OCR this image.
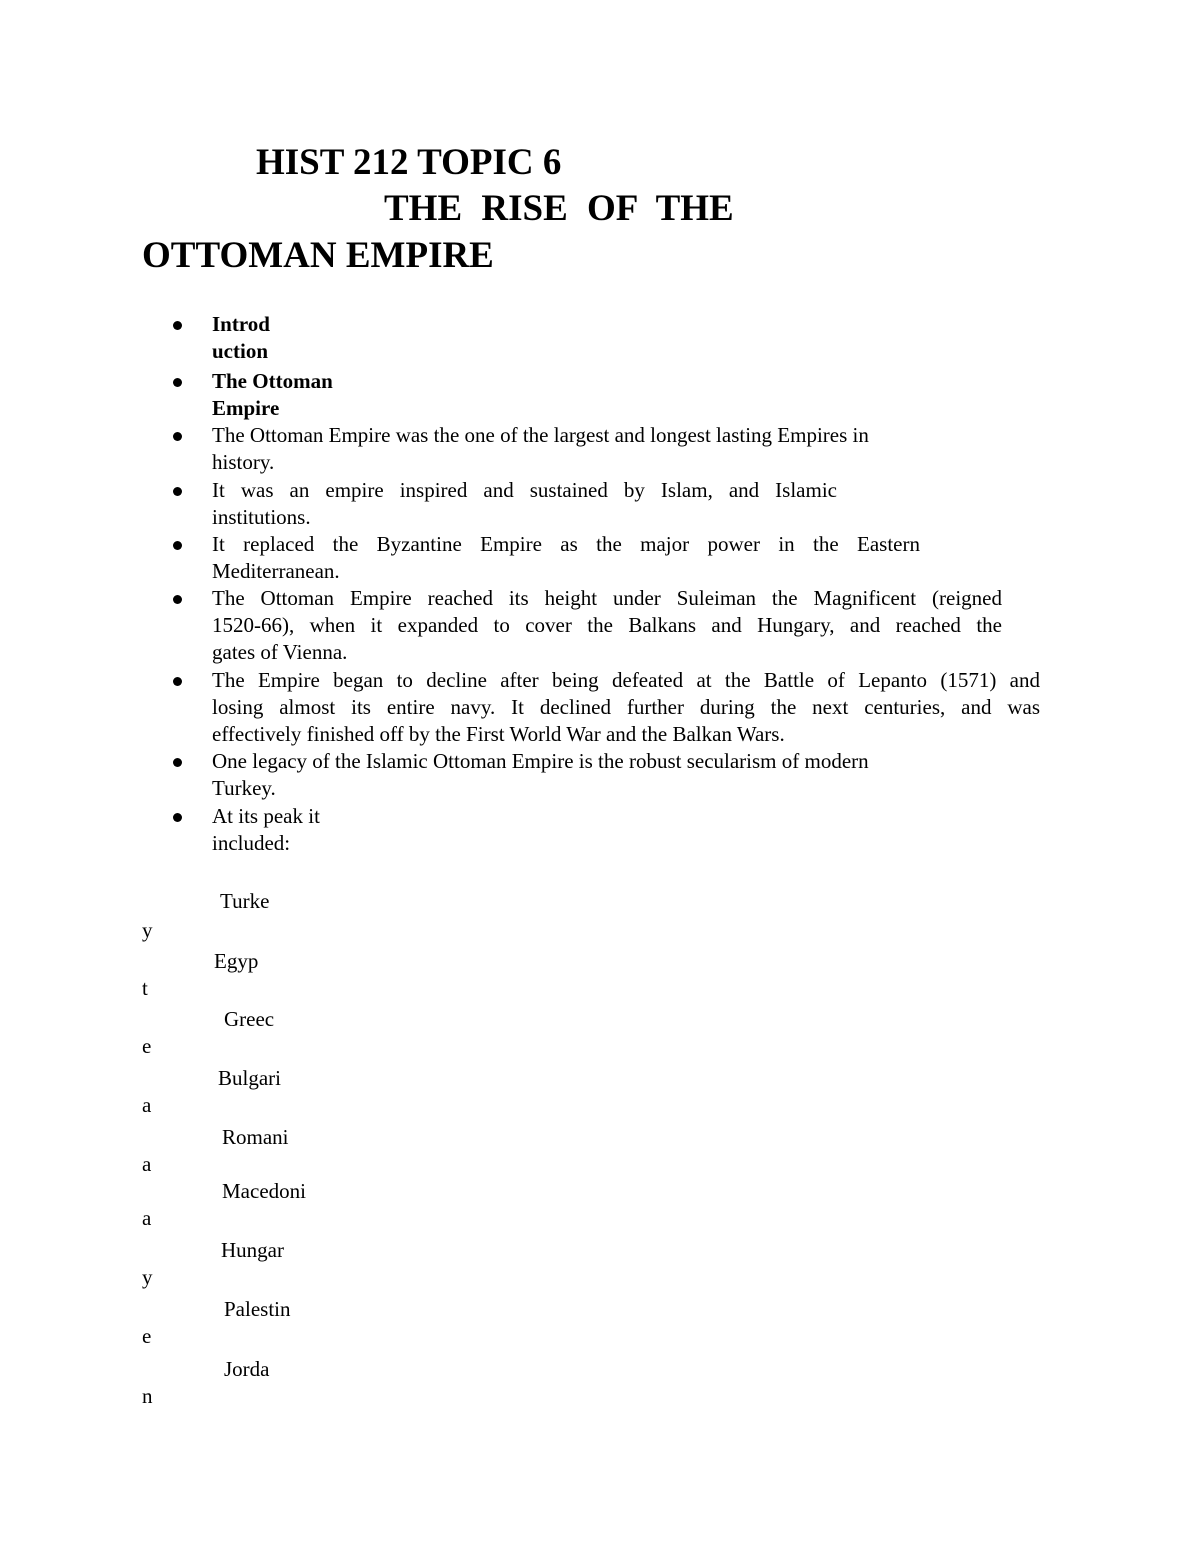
HIST 212 TOPIC 6
THE RISE OF THE
OTTOMAN EMPIRE
Introd
uction
The Ottoman
Empire
The Ottoman Empire was the one of the largest and longest lasting Empires in
history.
It was an empire inspired and sustained by Islam, and Islamic
institutions.
It replaced the Byzantine Empire as the major power in the Eastern
Mediterranean.
The Ottoman Empire reached its height under Suleiman the Magnificent (reigned
1520-66), when it expanded to cover the Balkans and Hungary, and reached the
gates of Vienna.
The Empire began to decline after being defeated at the Battle of Lepanto (1571) and
losing almost its entire navy. It declined further during the next centuries, and was
effectively finished off by the First World War and the Balkan Wars.
One legacy of the Islamic Ottoman Empire is the robust secularism of modern
Turkey.
At its peak it
included:
Turke
y
Egyp
t
Greec
e
Bulgari
a
Romani
a
Macedoni
a
Hungar
y
Palestin
e
Jorda
n
